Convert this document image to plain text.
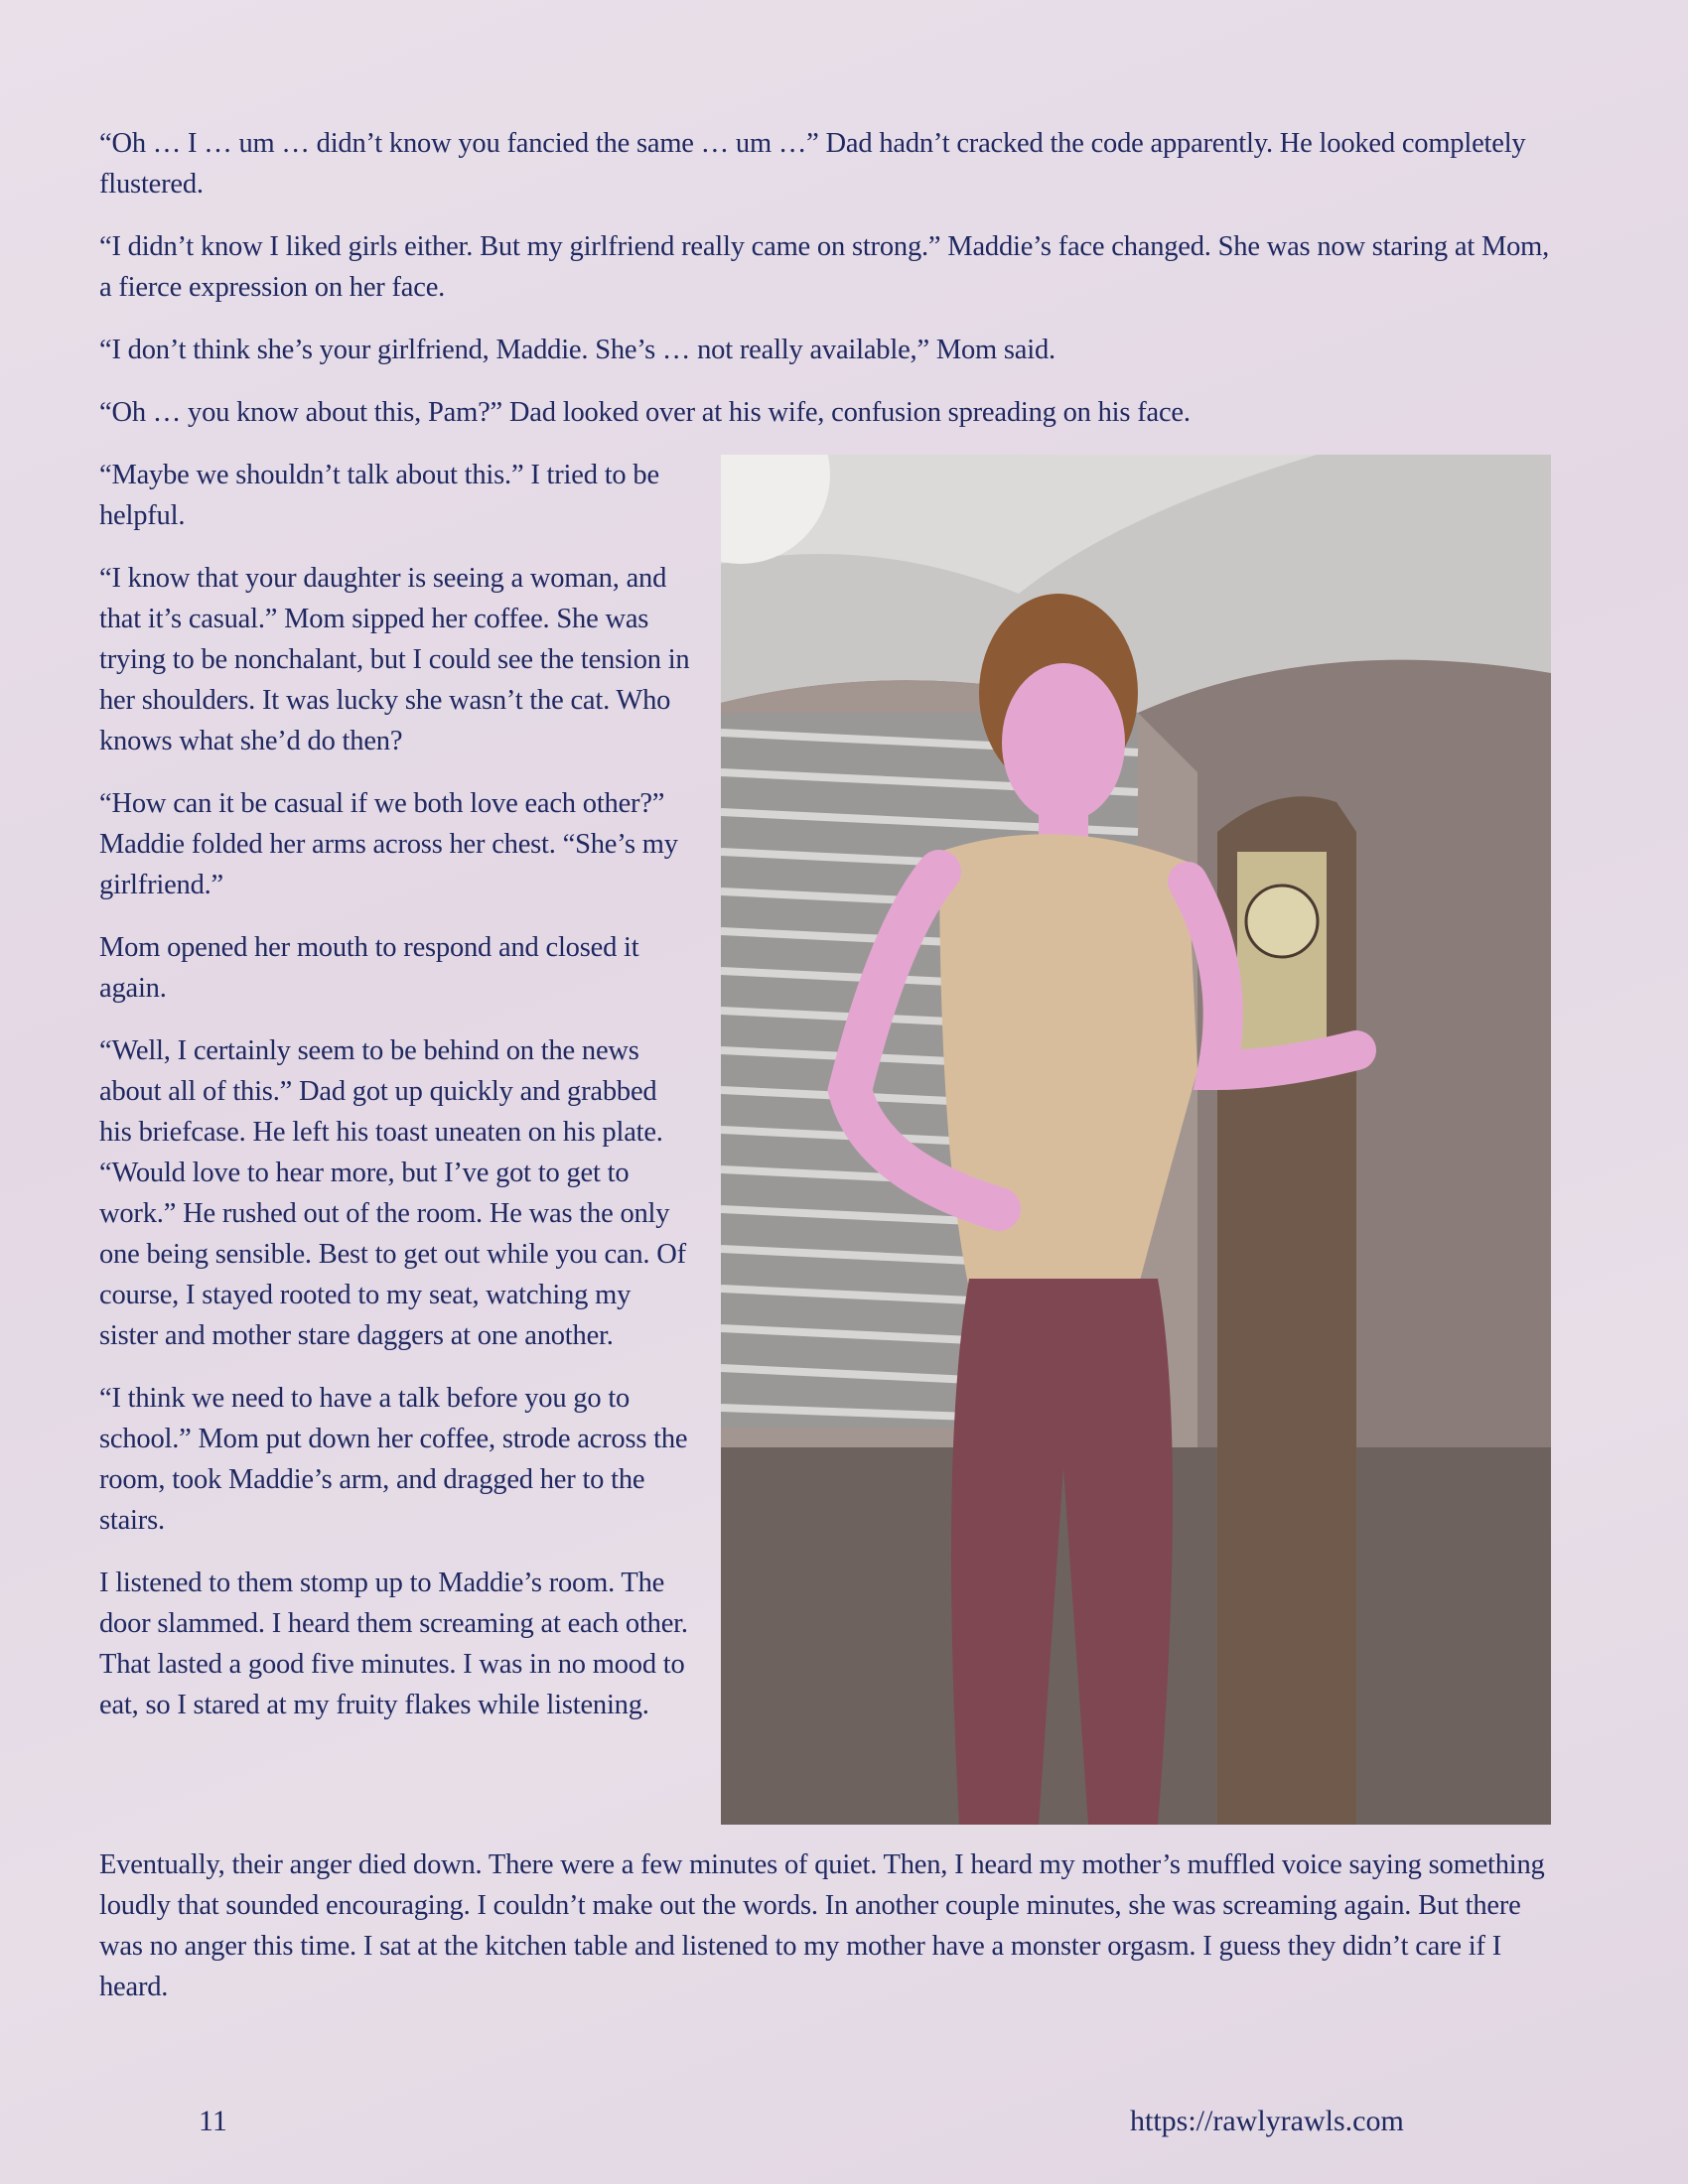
“Oh … I … um … didn’t know you fancied the same … um …” Dad hadn’t cracked the code apparently. He looked completely flustered.

“I didn’t know I liked girls either. But my girlfriend really came on strong.” Maddie’s face changed. She was now staring at Mom, a fierce expression on her face.

“I don’t think she’s your girlfriend, Maddie. She’s … not really available,” Mom said.

“Oh … you know about this, Pam?” Dad looked over at his wife, confusion spreading on his face.

“Maybe we shouldn’t talk about this.” I tried to be helpful.

“I know that your daughter is seeing a woman, and that it’s casual.” Mom sipped her coffee. She was trying to be nonchalant, but I could see the tension in her shoulders. It was lucky she wasn’t the cat. Who knows what she’d do then?

“How can it be casual if we both love each other?” Maddie folded her arms across her chest. “She’s my girlfriend.”

Mom opened her mouth to respond and closed it again.

“Well, I certainly seem to be behind on the news about all of this.” Dad got up quickly and grabbed his briefcase. He left his toast uneaten on his plate. “Would love to hear more, but I’ve got to get to work.” He rushed out of the room. He was the only one being sensible. Best to get out while you can. Of course, I stayed rooted to my seat, watching my sister and mother stare daggers at one another.

“I think we need to have a talk before you go to school.” Mom put down her coffee, strode across the room, took Maddie’s arm, and dragged her to the stairs.

I listened to them stomp up to Maddie’s room. The door slammed. I heard them screaming at each other. That lasted a good five minutes. I was in no mood to eat, so I stared at my fruity flakes while listening.

Eventually, their anger died down. There were a few minutes of quiet. Then, I heard my mother’s muffled voice saying something loudly that sounded encouraging. I couldn’t make out the words. In another couple minutes, she was screaming again. But there was no anger this time. I sat at the kitchen table and listened to my mother have a monster orgasm. I guess they didn’t care if I heard.

11	https://rawlyrawls.com
